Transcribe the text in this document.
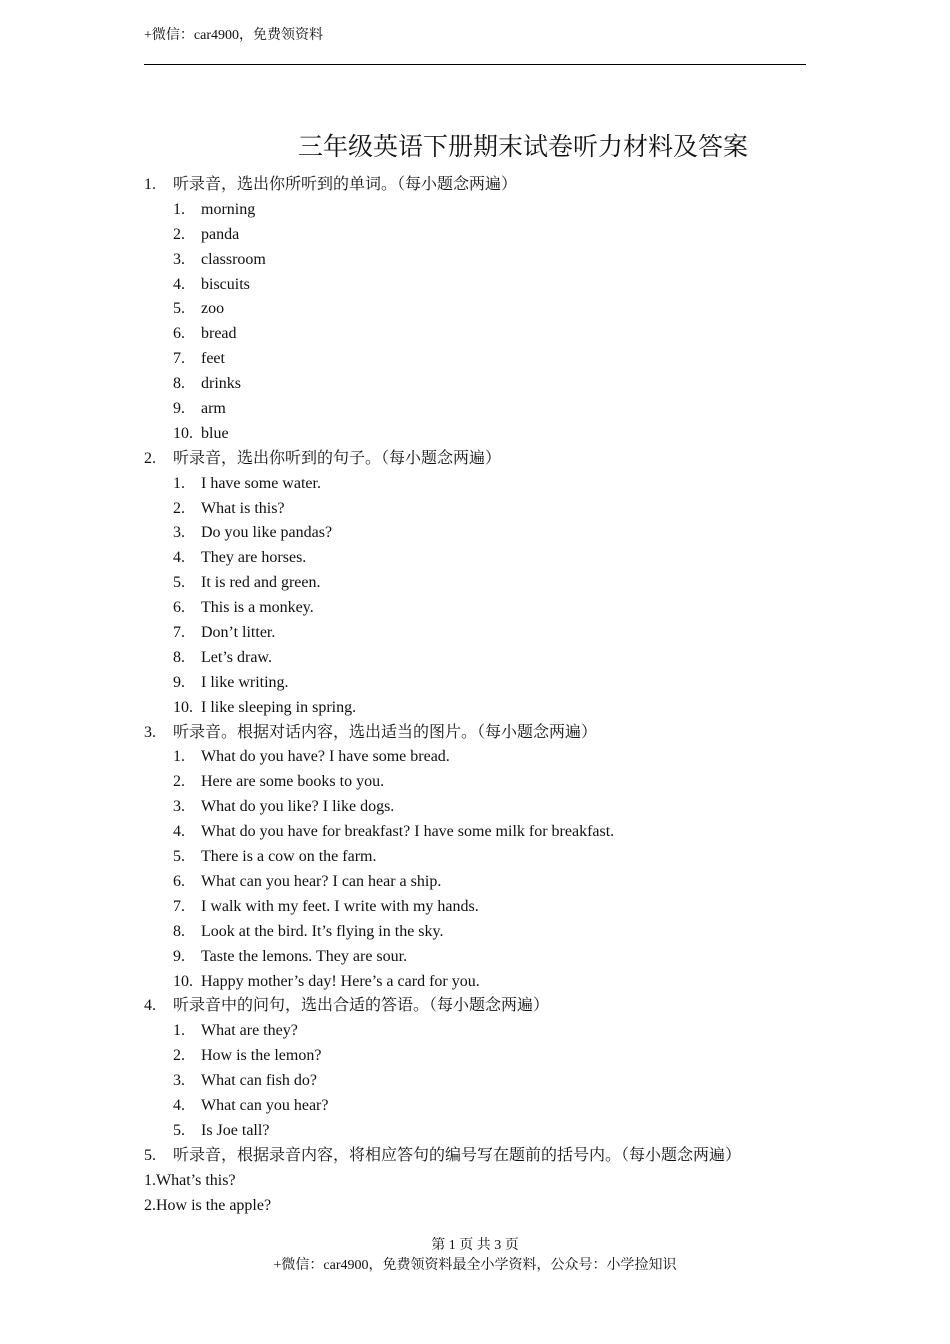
+微信：car4900，免费领资料
三年级英语下册期末试卷听力材料及答案
1. 听录音，选出你所听到的单词。（每小题念两遍）
1. morning
2. panda
3. classroom
4. biscuits
5. zoo
6. bread
7. feet
8. drinks
9. arm
10. blue
2. 听录音，选出你听到的句子。（每小题念两遍）
1. I have some water.
2. What is this?
3. Do you like pandas?
4. They are horses.
5. It is red and green.
6. This is a monkey.
7. Don’t litter.
8. Let’s draw.
9. I like writing.
10. I like sleeping in spring.
3. 听录音。根据对话内容，选出适当的图片。（每小题念两遍）
1. What do you have? I have some bread.
2. Here are some books to you.
3. What do you like? I like dogs.
4. What do you have for breakfast? I have some milk for breakfast.
5. There is a cow on the farm.
6. What can you hear? I can hear a ship.
7. I walk with my feet. I write with my hands.
8. Look at the bird. It’s flying in the sky.
9. Taste the lemons. They are sour.
10. Happy mother’s day! Here’s a card for you.
4. 听录音中的问句，选出合适的答语。（每小题念两遍）
1. What are they?
2. How is the lemon?
3. What can fish do?
4. What can you hear?
5. Is Joe tall?
5. 听录音，根据录音内容，将相应答句的编号写在题前的括号内。（每小题念两遍）
1.What’s this?
2.How is the apple?
第 1 页 共 3 页
+微信：car4900，免费领资料最全小学资料，公众号：小学捡知识
